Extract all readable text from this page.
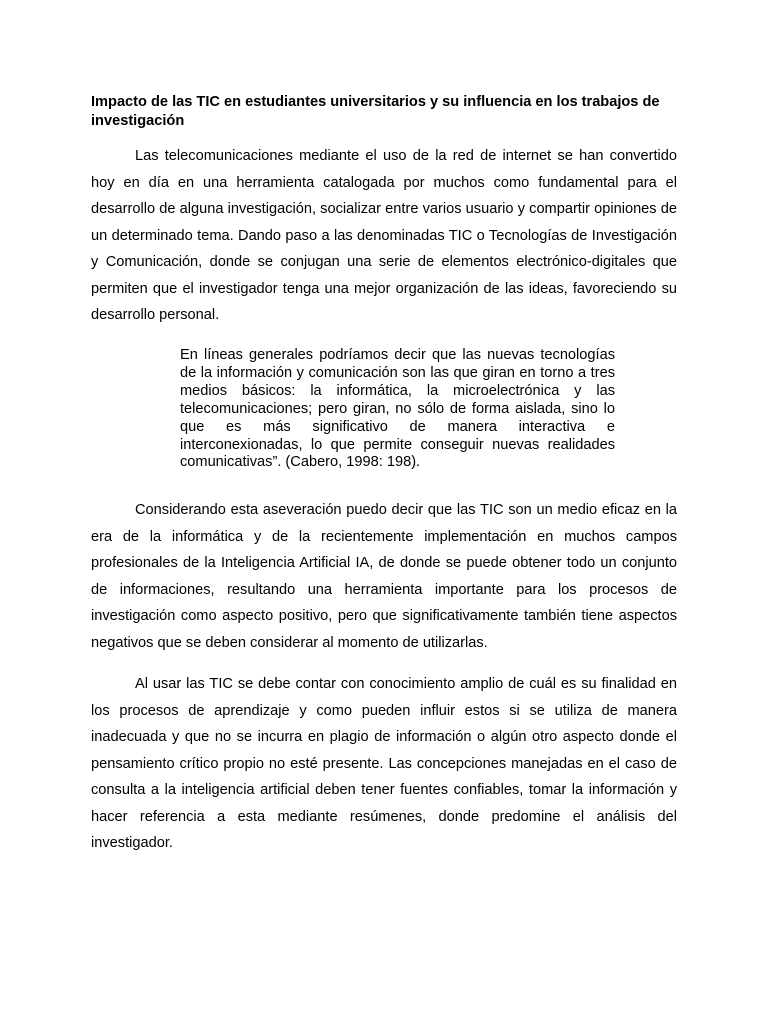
Impacto de las TIC en estudiantes universitarios y su influencia en los trabajos de investigación

Las telecomunicaciones mediante el uso de la red de internet se han convertido hoy en día en una herramienta catalogada por muchos como fundamental para el desarrollo de alguna investigación, socializar entre varios usuario y compartir opiniones de un determinado tema. Dando paso a las denominadas TIC o Tecnologías de Investigación y Comunicación, donde se conjugan una serie de elementos electrónico-digitales que permiten que el investigador tenga una mejor organización de las ideas, favoreciendo su desarrollo personal.

En líneas generales podríamos decir que las nuevas tecnologías de la información y comunicación son las que giran en torno a tres medios básicos: la informática, la microelectrónica y las telecomunicaciones; pero giran, no sólo de forma aislada, sino lo que es más significativo de manera interactiva e interconexionadas, lo que permite conseguir nuevas realidades comunicativas”. (Cabero, 1998: 198).

Considerando esta aseveración puedo decir que las TIC son un medio eficaz en la era de la informática y de la recientemente implementación en muchos campos profesionales de la Inteligencia Artificial IA, de donde se puede obtener todo un conjunto de informaciones, resultando una herramienta importante para los procesos de investigación como aspecto positivo, pero que significativamente también tiene aspectos negativos que se deben considerar al momento de utilizarlas.

Al usar las TIC se debe contar con conocimiento amplio de cuál es su finalidad en los procesos de aprendizaje y como pueden influir estos si se utiliza de manera inadecuada y que no se incurra en plagio de información o algún otro aspecto donde el pensamiento crítico propio no esté presente. Las concepciones manejadas en el caso de consulta a la inteligencia artificial deben tener fuentes confiables, tomar la información y hacer referencia a esta mediante resúmenes, donde predomine el análisis del investigador.
